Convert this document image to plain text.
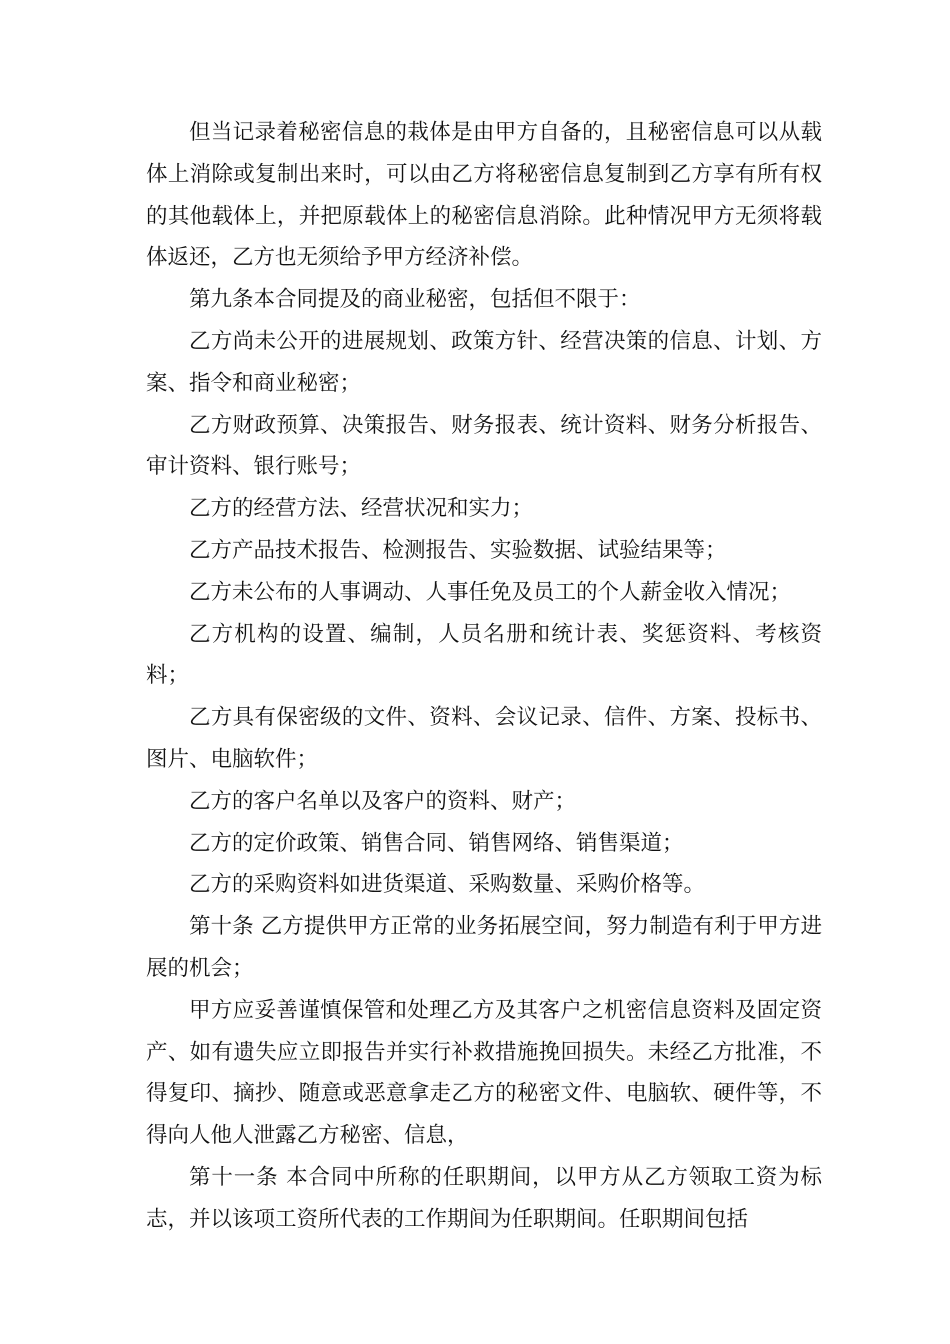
但当记录着秘密信息的栽体是由甲方自备的，且秘密信息可以从载体上消除或复制出来时，可以由乙方将秘密信息复制到乙方享有所有权的其他载体上，并把原载体上的秘密信息消除。此种情况甲方无须将载体返还，乙方也无须给予甲方经济补偿。

第九条本合同提及的商业秘密，包括但不限于：

乙方尚未公开的进展规划、政策方针、经营决策的信息、计划、方案、指令和商业秘密；

乙方财政预算、决策报告、财务报表、统计资料、财务分析报告、审计资料、银行账号；

乙方的经营方法、经营状况和实力；

乙方产品技术报告、检测报告、实验数据、试验结果等；

乙方未公布的人事调动、人事任免及员工的个人薪金收入情况；

乙方机构的设置、编制，人员名册和统计表、奖惩资料、考核资料；

乙方具有保密级的文件、资料、会议记录、信件、方案、投标书、图片、电脑软件；

乙方的客户名单以及客户的资料、财产；

乙方的定价政策、销售合同、销售网络、销售渠道；

乙方的采购资料如进货渠道、采购数量、采购价格等。

第十条 乙方提供甲方正常的业务拓展空间，努力制造有利于甲方进展的机会；

甲方应妥善谨慎保管和处理乙方及其客户之机密信息资料及固定资产、如有遗失应立即报告并实行补救措施挽回损失。未经乙方批准，不得复印、摘抄、随意或恶意拿走乙方的秘密文件、电脑软、硬件等，不得向人他人泄露乙方秘密、信息，

第十一条 本合同中所称的任职期间，以甲方从乙方领取工资为标志，并以该项工资所代表的工作期间为任职期间。任职期间包括
